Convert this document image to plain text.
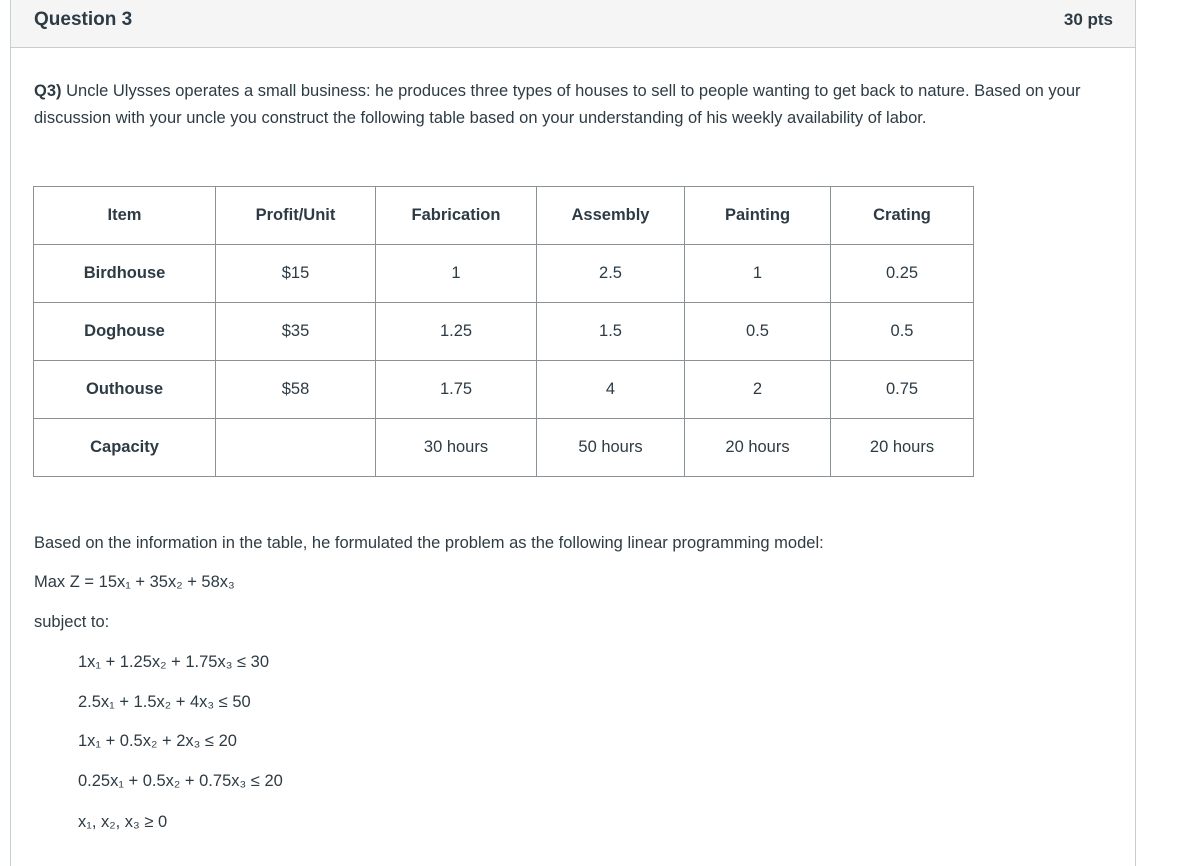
Question 3	30 pts
Q3) Uncle Ulysses operates a small business: he produces three types of houses to sell to people wanting to get back to nature. Based on your discussion with your uncle you construct the following table based on your understanding of his weekly availability of labor.
Item	Profit/Unit	Fabrication	Assembly	Painting	Crating
Birdhouse	$15	1	2.5	1	0.25
Doghouse	$35	1.25	1.5	0.5	0.5
Outhouse	$58	1.75	4	2	0.75
Capacity		30 hours	50 hours	20 hours	20 hours
Based on the information in the table, he formulated the problem as the following linear programming model:
Max Z = 15x₁ + 35x₂ + 58x₃
subject to:
1x₁ + 1.25x₂ + 1.75x₃ ≤ 30
2.5x₁ + 1.5x₂ + 4x₃ ≤ 50
1x₁ + 0.5x₂ + 2x₃ ≤ 20
0.25x₁ + 0.5x₂ + 0.75x₃ ≤ 20
x₁, x₂, x₃ ≥ 0
